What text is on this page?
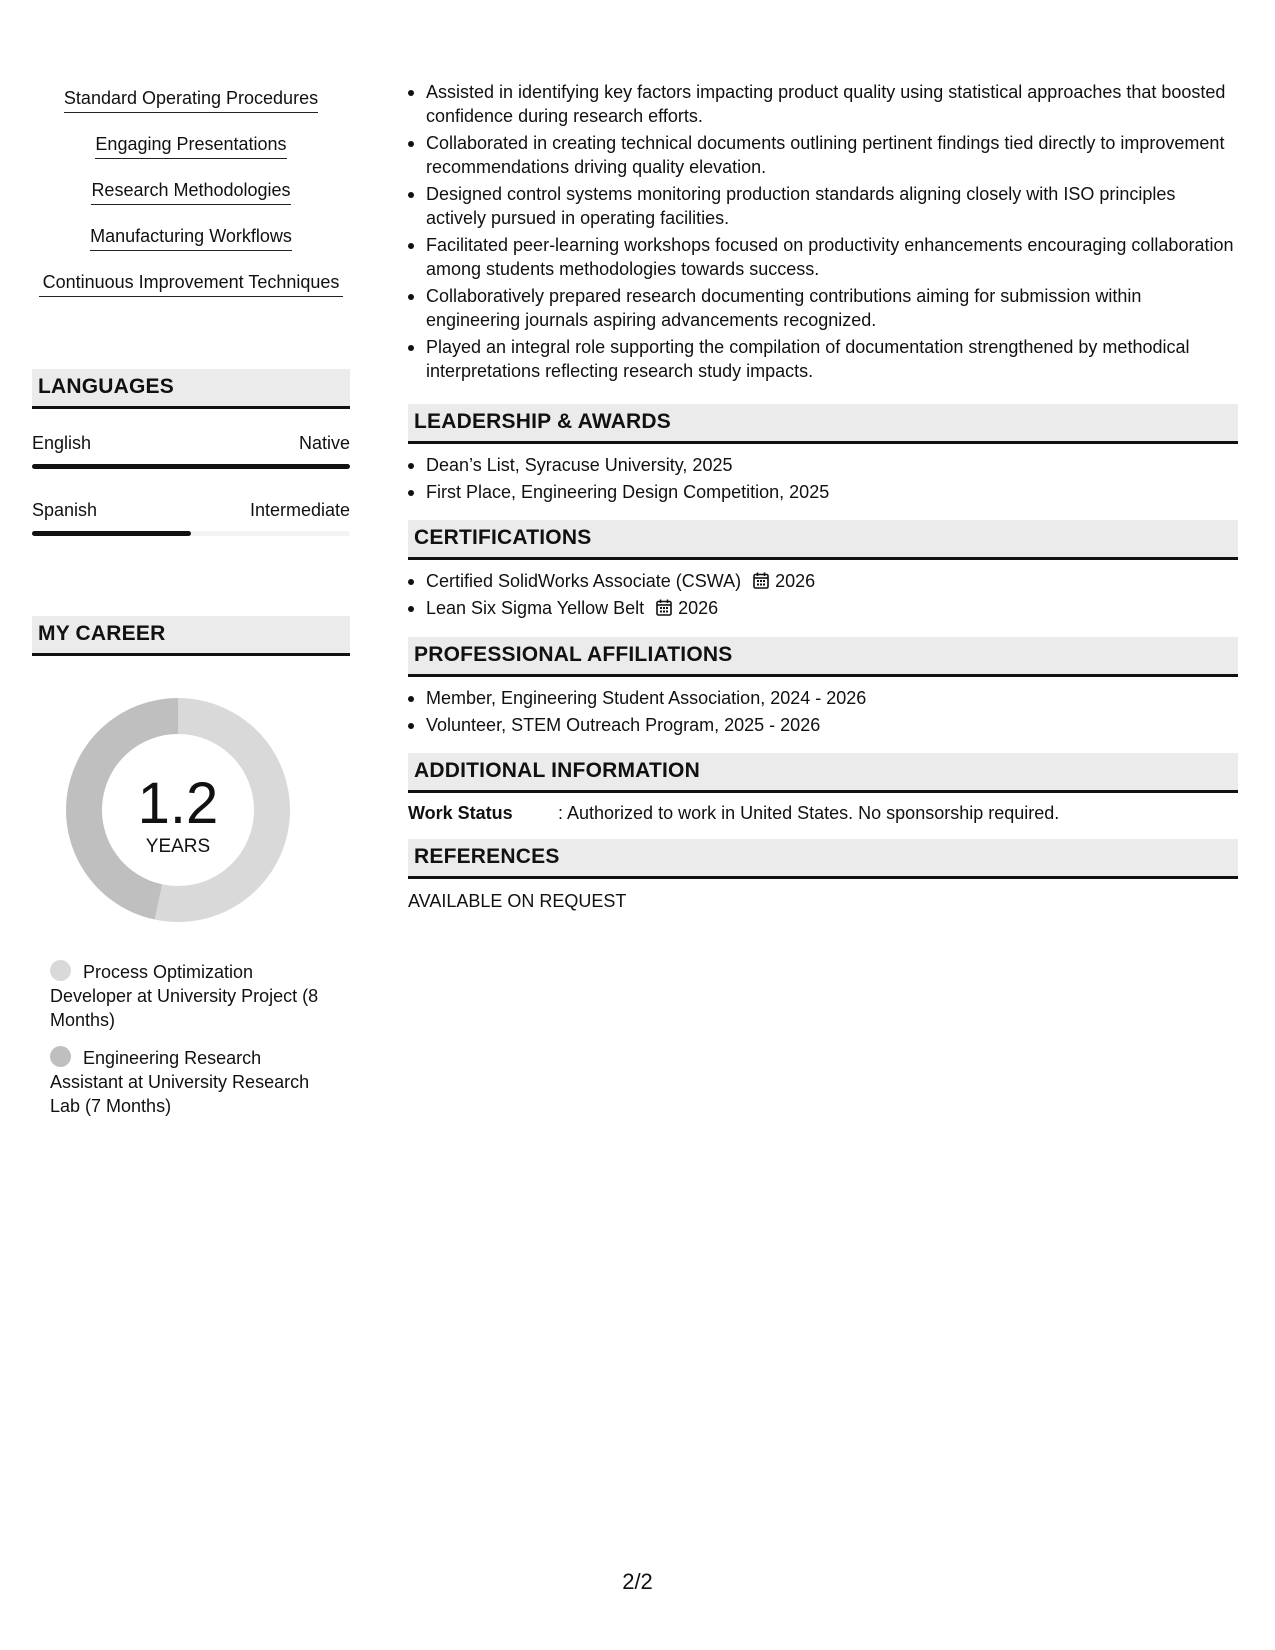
Standard Operating Procedures
Engaging Presentations
Research Methodologies
Manufacturing Workflows
Continuous Improvement Techniques
LANGUAGES
English	Native
Spanish	Intermediate
MY CAREER
1.2
YEARS
Process Optimization Developer at University Project (8 Months)
Engineering Research Assistant at University Research Lab (7 Months)
Assisted in identifying key factors impacting product quality using statistical approaches that boosted confidence during research efforts.
Collaborated in creating technical documents outlining pertinent findings tied directly to improvement recommendations driving quality elevation.
Designed control systems monitoring production standards aligning closely with ISO principles actively pursued in operating facilities.
Facilitated peer-learning workshops focused on productivity enhancements encouraging collaboration among students methodologies towards success.
Collaboratively prepared research documenting contributions aiming for submission within engineering journals aspiring advancements recognized.
Played an integral role supporting the compilation of documentation strengthened by methodical interpretations reflecting research study impacts.
LEADERSHIP & AWARDS
Dean’s List, Syracuse University, 2025
First Place, Engineering Design Competition, 2025
CERTIFICATIONS
Certified SolidWorks Associate (CSWA) 2026
Lean Six Sigma Yellow Belt 2026
PROFESSIONAL AFFILIATIONS
Member, Engineering Student Association, 2024 - 2026
Volunteer, STEM Outreach Program, 2025 - 2026
ADDITIONAL INFORMATION
Work Status	: Authorized to work in United States. No sponsorship required.
REFERENCES
AVAILABLE ON REQUEST
2/2
